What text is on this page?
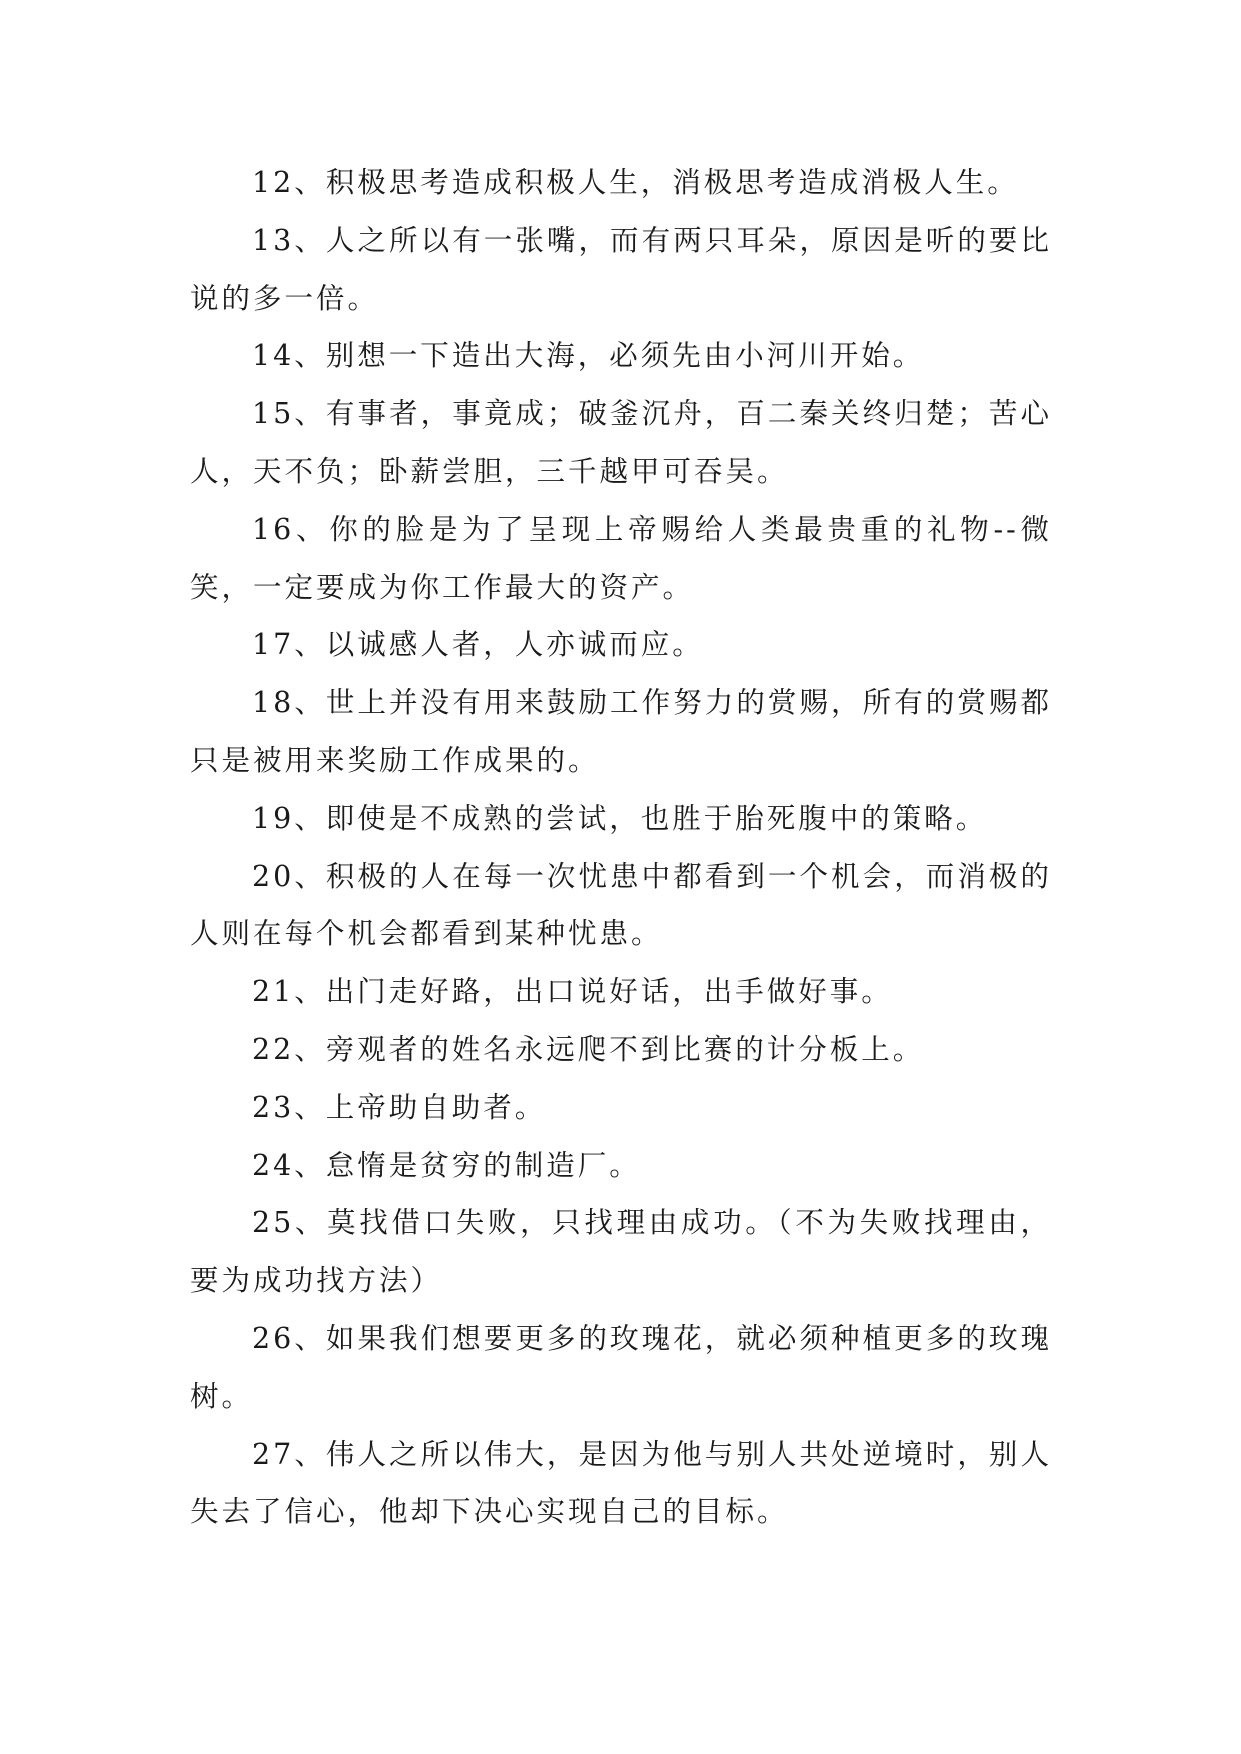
12、积极思考造成积极人生，消极思考造成消极人生。

13、人之所以有一张嘴，而有两只耳朵，原因是听的要比说的多一倍。

14、别想一下造出大海，必须先由小河川开始。

15、有事者，事竟成；破釜沉舟，百二秦关终归楚；苦心人，天不负；卧薪尝胆，三千越甲可吞吴。

16、你的脸是为了呈现上帝赐给人类最贵重的礼物--微笑，一定要成为你工作最大的资产。

17、以诚感人者，人亦诚而应。

18、世上并没有用来鼓励工作努力的赏赐，所有的赏赐都只是被用来奖励工作成果的。

19、即使是不成熟的尝试，也胜于胎死腹中的策略。

20、积极的人在每一次忧患中都看到一个机会，而消极的人则在每个机会都看到某种忧患。

21、出门走好路，出口说好话，出手做好事。

22、旁观者的姓名永远爬不到比赛的计分板上。

23、上帝助自助者。

24、怠惰是贫穷的制造厂。

25、莫找借口失败，只找理由成功。（不为失败找理由，要为成功找方法）

26、如果我们想要更多的玫瑰花，就必须种植更多的玫瑰树。

27、伟人之所以伟大，是因为他与别人共处逆境时，别人失去了信心，他却下决心实现自己的目标。
